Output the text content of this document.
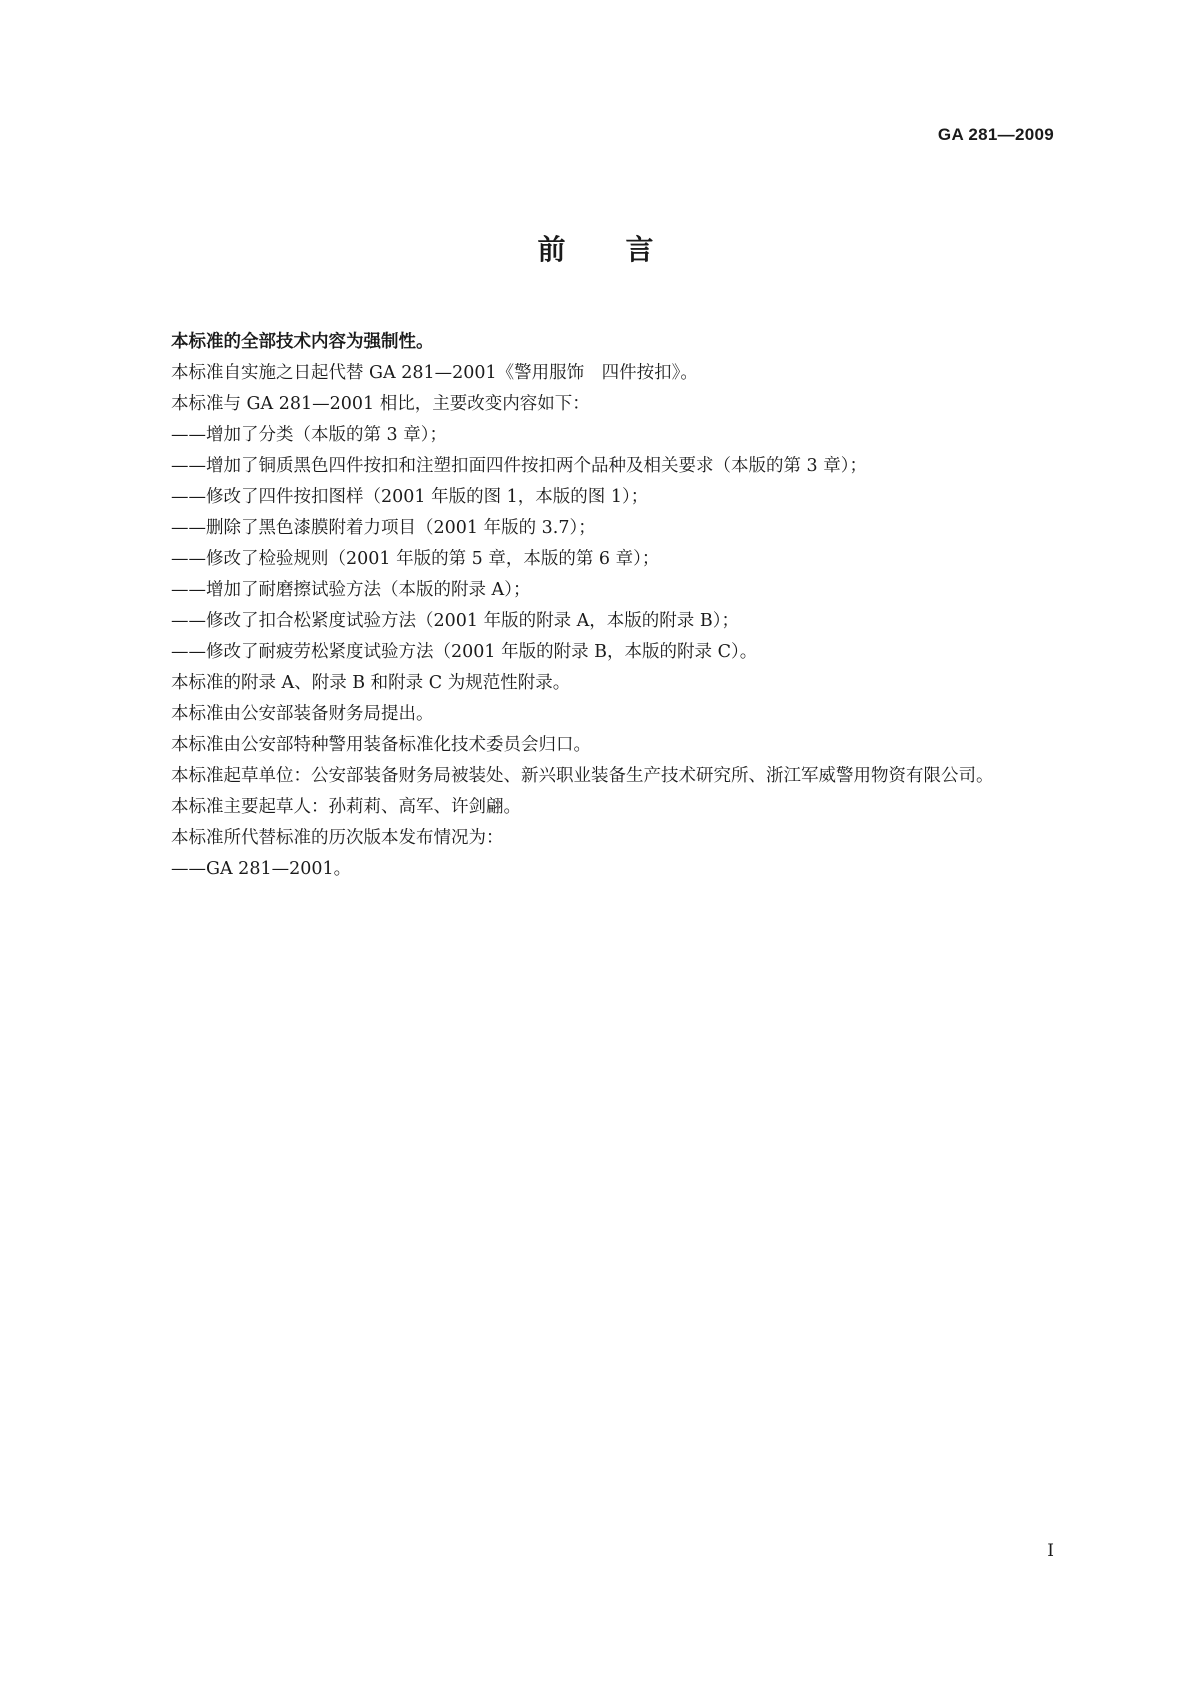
GA 281—2009
前言

本标准的全部技术内容为强制性。

本标准自实施之日起代替 GA 281—2001《警用服饰　四件按扣》。

本标准与 GA 281—2001 相比，主要改变内容如下：

——增加了分类（本版的第 3 章）；

——增加了铜质黑色四件按扣和注塑扣面四件按扣两个品种及相关要求（本版的第 3 章）；

——修改了四件按扣图样（2001 年版的图 1，本版的图 1）；

——删除了黑色漆膜附着力项目（2001 年版的 3.7）；

——修改了检验规则（2001 年版的第 5 章，本版的第 6 章）；

——增加了耐磨擦试验方法（本版的附录 A）；

——修改了扣合松紧度试验方法（2001 年版的附录 A，本版的附录 B）；

——修改了耐疲劳松紧度试验方法（2001 年版的附录 B，本版的附录 C）。

本标准的附录 A、附录 B 和附录 C 为规范性附录。

本标准由公安部装备财务局提出。

本标准由公安部特种警用装备标准化技术委员会归口。

本标准起草单位：公安部装备财务局被装处、新兴职业装备生产技术研究所、浙江军威警用物资有限公司。

本标准主要起草人：孙莉莉、高军、许剑翩。

本标准所代替标准的历次版本发布情况为：

——GA 281—2001。

I
